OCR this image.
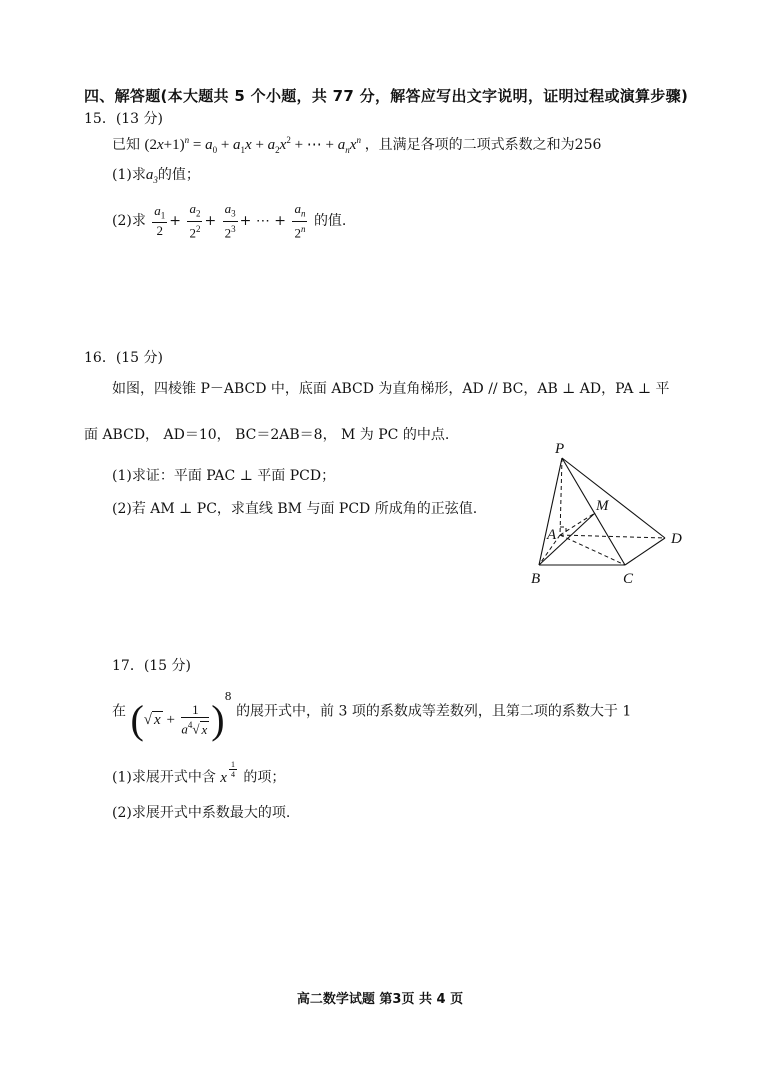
四、解答题(本大题共 5 个小题，共 77 分，解答应写出文字说明，证明过程或演算步骤)
15．(13 分)
已知 $(2x+1)^n = a_0 + a_1x + a_2x^2$ + ⋯ + $a_nx^n$ ，且满足各项的二项式系数之和为256
(1)求$a_3$的值；
(2)求 $\frac{a_1}{2} + \frac{a_2}{2^2} + \frac{a_3}{2^3}$ + ⋯ + $\frac{a_n}{2^n}$ 的值.
16．(15 分)
如图，四棱锥 P－ABCD 中，底面 ABCD 为直角梯形，AD // BC，AB ⊥ AD，PA ⊥ 平
面 ABCD， AD＝10， BC＝2AB＝8， M 为 PC 的中点.
(1)求证：平面 PAC ⊥ 平面 PCD；
(2)若 AM ⊥ PC，求直线 BM 与面 PCD 所成角的正弦值.
P
M
A	D
B	C
17．(15 分)
在 (√ $x + \frac{1}{a^4√ x} )^8$ 的展开式中，前 3 项的系数成等差数列，且第二项的系数大于 1
(1)求展开式中含 x $^{\frac{1}{4}}$ 的项；
(2)求展开式中系数最大的项.
高二数学试题 第3页 共 4 页
